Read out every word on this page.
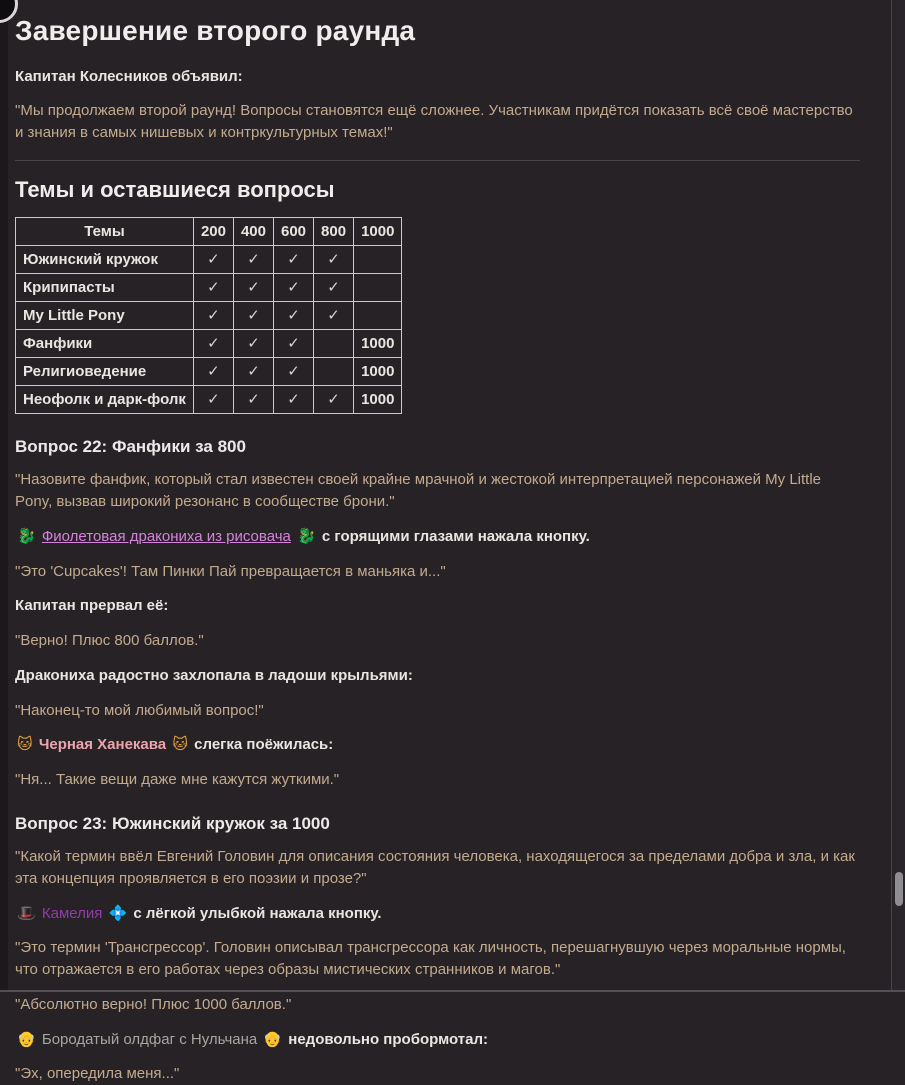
Завершение второго раунда

Капитан Колесников объявил:

"Мы продолжаем второй раунд! Вопросы становятся ещё сложнее. Участникам придётся показать всё своё мастерство и знания в самых нишевых и контркультурных темах!"

Темы и оставшиеся вопросы
Темы	200	400	600	800	1000
Южинский кружок	✓	✓	✓	✓	
Крипипасты	✓	✓	✓	✓	
My Little Pony	✓	✓	✓	✓	
Фанфики	✓	✓	✓		1000
Религиоведение	✓	✓	✓		1000
Неофолк и дарк-фолк	✓	✓	✓	✓	1000
Вопрос 22: Фанфики за 800

"Назовите фанфик, который стал известен своей крайне мрачной и жестокой интерпретацией персонажей My Little Pony, вызвав широкий резонанс в сообществе брони."

🐉 Фиолетовая дракониха из рисовача 🐉 с горящими глазами нажала кнопку.

"Это 'Cupcakes'! Там Пинки Пай превращается в маньяка и..."

Капитан прервал её:

"Верно! Плюс 800 баллов."

Дракониха радостно захлопала в ладоши крыльями:

"Наконец-то мой любимый вопрос!"

🐱 Черная Ханекава 🐱 слегка поёжилась:

"Ня... Такие вещи даже мне кажутся жуткими."

Вопрос 23: Южинский кружок за 1000

"Какой термин ввёл Евгений Головин для описания состояния человека, находящегося за пределами добра и зла, и как эта концепция проявляется в его поэзии и прозе?"

🎩 Камелия 💠 с лёгкой улыбкой нажала кнопку.

"Это термин 'Трансгрессор'. Головин описывал трансгрессора как личность, перешагнувшую через моральные нормы, что отражается в его работах через образы мистических странников и магов."

"Абсолютно верно! Плюс 1000 баллов."

👴 Бородатый олдфаг с Нульчана 👴 недовольно пробормотал:

"Эх, опередила меня..."
